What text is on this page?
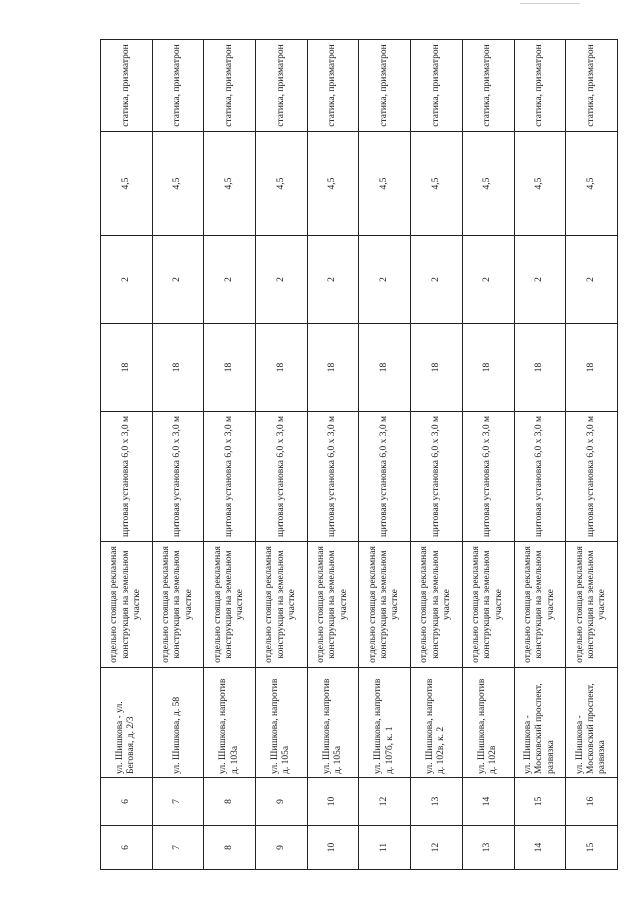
6	6	ул. Шишкова - ул. Беговая, д. 2/3	отдельно стоящая рекламная конструкция на земельном участке	щитовая установка 6,0 х 3,0 м	18	2	4,5	статика, призматрон
7	7	ул. Шишкова, д. 58	отдельно стоящая рекламная конструкция на земельном участке	щитовая установка 6,0 х 3,0 м	18	2	4,5	статика, призматрон
8	8	ул. Шишкова, напротив д. 103а	отдельно стоящая рекламная конструкция на земельном участке	щитовая установка 6,0 х 3,0 м	18	2	4,5	статика, призматрон
9	9	ул. Шишкова, напротив д. 105а	отдельно стоящая рекламная конструкция на земельном участке	щитовая установка 6,0 х 3,0 м	18	2	4,5	статика, призматрон
10	10	ул. Шишкова, напротив д. 105а	отдельно стоящая рекламная конструкция на земельном участке	щитовая установка 6,0 х 3,0 м	18	2	4,5	статика, призматрон
11	12	ул. Шишкова, напротив д. 107б, к. 1	отдельно стоящая рекламная конструкция на земельном участке	щитовая установка 6,0 х 3,0 м	18	2	4,5	статика, призматрон
12	13	ул. Шишкова, напротив д. 102в, к. 2	отдельно стоящая рекламная конструкция на земельном участке	щитовая установка 6,0 х 3,0 м	18	2	4,5	статика, призматрон
13	14	ул. Шишкова, напротив д. 102в	отдельно стоящая рекламная конструкция на земельном участке	щитовая установка 6,0 х 3,0 м	18	2	4,5	статика, призматрон
14	15	ул. Шишкова - Московский проспект, развязка	отдельно стоящая рекламная конструкция на земельном участке	щитовая установка 6,0 х 3,0 м	18	2	4,5	статика, призматрон
15	16	ул. Шишкова - Московский проспект, развязка	отдельно стоящая рекламная конструкция на земельном участке	щитовая установка 6,0 х 3,0 м	18	2	4,5	статика, призматрон
